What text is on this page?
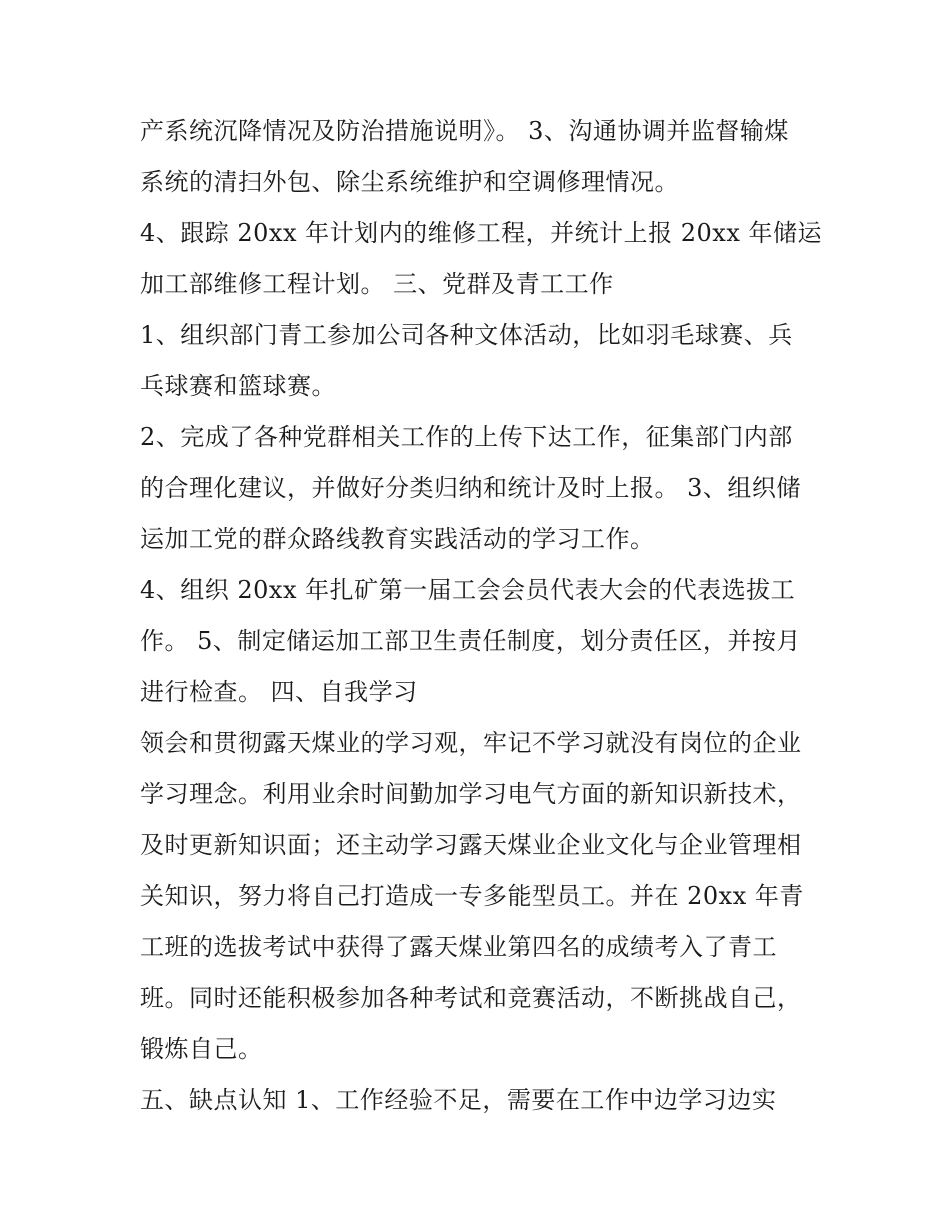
产系统沉降情况及防治措施说明》。 3、沟通协调并监督输煤
系统的清扫外包、除尘系统维护和空调修理情况。
4、跟踪 20xx 年计划内的维修工程，并统计上报 20xx 年储运
加工部维修工程计划。 三、党群及青工工作
1、组织部门青工参加公司各种文体活动，比如羽毛球赛、兵
乓球赛和篮球赛。
2、完成了各种党群相关工作的上传下达工作，征集部门内部
的合理化建议，并做好分类归纳和统计及时上报。 3、组织储
运加工党的群众路线教育实践活动的学习工作。
4、组织 20xx 年扎矿第一届工会会员代表大会的代表选拔工
作。 5、制定储运加工部卫生责任制度，划分责任区，并按月
进行检查。 四、自我学习
领会和贯彻露天煤业的学习观，牢记不学习就没有岗位的企业
学习理念。利用业余时间勤加学习电气方面的新知识新技术，
及时更新知识面；还主动学习露天煤业企业文化与企业管理相
关知识，努力将自己打造成一专多能型员工。并在 20xx 年青
工班的选拔考试中获得了露天煤业第四名的成绩考入了青工
班。同时还能积极参加各种考试和竞赛活动，不断挑战自己，
锻炼自己。
五、缺点认知 1、工作经验不足，需要在工作中边学习边实
